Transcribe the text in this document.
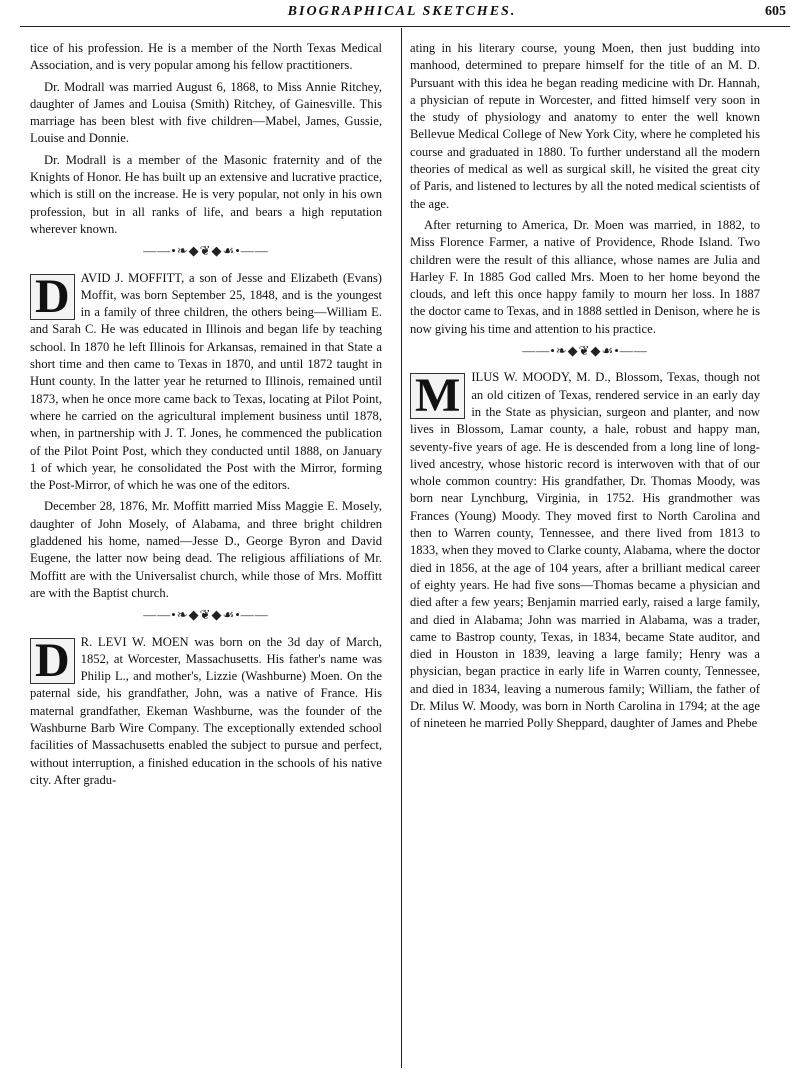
BIOGRAPHICAL SKETCHES.	605

tice of his profession. He is a member of the North Texas Medical Association, and is very popular among his fellow practitioners.

Dr. Modrall was married August 6, 1868, to Miss Annie Ritchey, daughter of James and Louisa (Smith) Ritchey, of Gainesville. This marriage has been blest with five children—Mabel, James, Gussie, Louise and Donnie.

Dr. Modrall is a member of the Masonic fraternity and of the Knights of Honor. He has built up an extensive and lucrative practice, which is still on the increase. He is very popular, not only in his own profession, but in all ranks of life, and bears a high reputation wherever known.

——•❧◆❦◆☙•——

D AVID J. MOFFITT, a son of Jesse and Elizabeth (Evans) Moffit, was born September 25, 1848, and is the youngest in a family of three children, the others being—William E. and Sarah C. He was educated in Illinois and began life by teaching school. In 1870 he left Illinois for Arkansas, remained in that State a short time and then came to Texas in 1870, and until 1872 taught in Hunt county. In the latter year he returned to Illinois, remained until 1873, when he once more came back to Texas, locating at Pilot Point, where he carried on the agricultural implement business until 1878, when, in partnership with J. T. Jones, he commenced the publication of the Pilot Point Post, which they conducted until 1888, on January 1 of which year, he consolidated the Post with the Mirror, forming the Post-Mirror, of which he was one of the editors.

December 28, 1876, Mr. Moffitt married Miss Maggie E. Mosely, daughter of John Mosely, of Alabama, and three bright children gladdened his home, named—Jesse D., George Byron and David Eugene, the latter now being dead. The religious affiliations of Mr. Moffitt are with the Universalist church, while those of Mrs. Moffitt are with the Baptist church.

——•❧◆❦◆☙•——

D R. LEVI W. MOEN was born on the 3d day of March, 1852, at Worcester, Massachusetts. His father's name was Philip L., and mother's, Lizzie (Washburne) Moen. On the paternal side, his grandfather, John, was a native of France. His maternal grandfather, Ekeman Washburne, was the founder of the Washburne Barb Wire Company. The exceptionally extended school facilities of Massachusetts enabled the subject to pursue and perfect, without interruption, a finished education in the schools of his native city. After gradu-

ating in his literary course, young Moen, then just budding into manhood, determined to prepare himself for the title of an M. D. Pursuant with this idea he began reading medicine with Dr. Hannah, a physician of repute in Worcester, and fitted himself very soon in the study of physiology and anatomy to enter the well known Bellevue Medical College of New York City, where he completed his course and graduated in 1880. To further understand all the modern theories of medical as well as surgical skill, he visited the great city of Paris, and listened to lectures by all the noted medical scientists of the age.

After returning to America, Dr. Moen was married, in 1882, to Miss Florence Farmer, a native of Providence, Rhode Island. Two children were the result of this alliance, whose names are Julia and Harley F. In 1885 God called Mrs. Moen to her home beyond the clouds, and left this once happy family to mourn her loss. In 1887 the doctor came to Texas, and in 1888 settled in Denison, where he is now giving his time and attention to his practice.

——•❧◆❦◆☙•——

M ILUS W. MOODY, M. D., Blossom, Texas, though not an old citizen of Texas, rendered service in an early day in the State as physician, surgeon and planter, and now lives in Blossom, Lamar county, a hale, robust and happy man, seventy-five years of age. He is descended from a long line of long-lived ancestry, whose historic record is interwoven with that of our whole common country: His grandfather, Dr. Thomas Moody, was born near Lynchburg, Virginia, in 1752. His grandmother was Frances (Young) Moody. They moved first to North Carolina and then to Warren county, Tennessee, and there lived from 1813 to 1833, when they moved to Clarke county, Alabama, where the doctor died in 1856, at the age of 104 years, after a brilliant medical career of eighty years. He had five sons—Thomas became a physician and died after a few years; Benjamin married early, raised a large family, and died in Alabama; John was married in Alabama, was a trader, came to Bastrop county, Texas, in 1834, became State auditor, and died in Houston in 1839, leaving a large family; Henry was a physician, began practice in early life in Warren county, Tennessee, and died in 1834, leaving a numerous family; William, the father of Dr. Milus W. Moody, was born in North Carolina in 1794; at the age of nineteen he married Polly Sheppard, daughter of James and Phebe
